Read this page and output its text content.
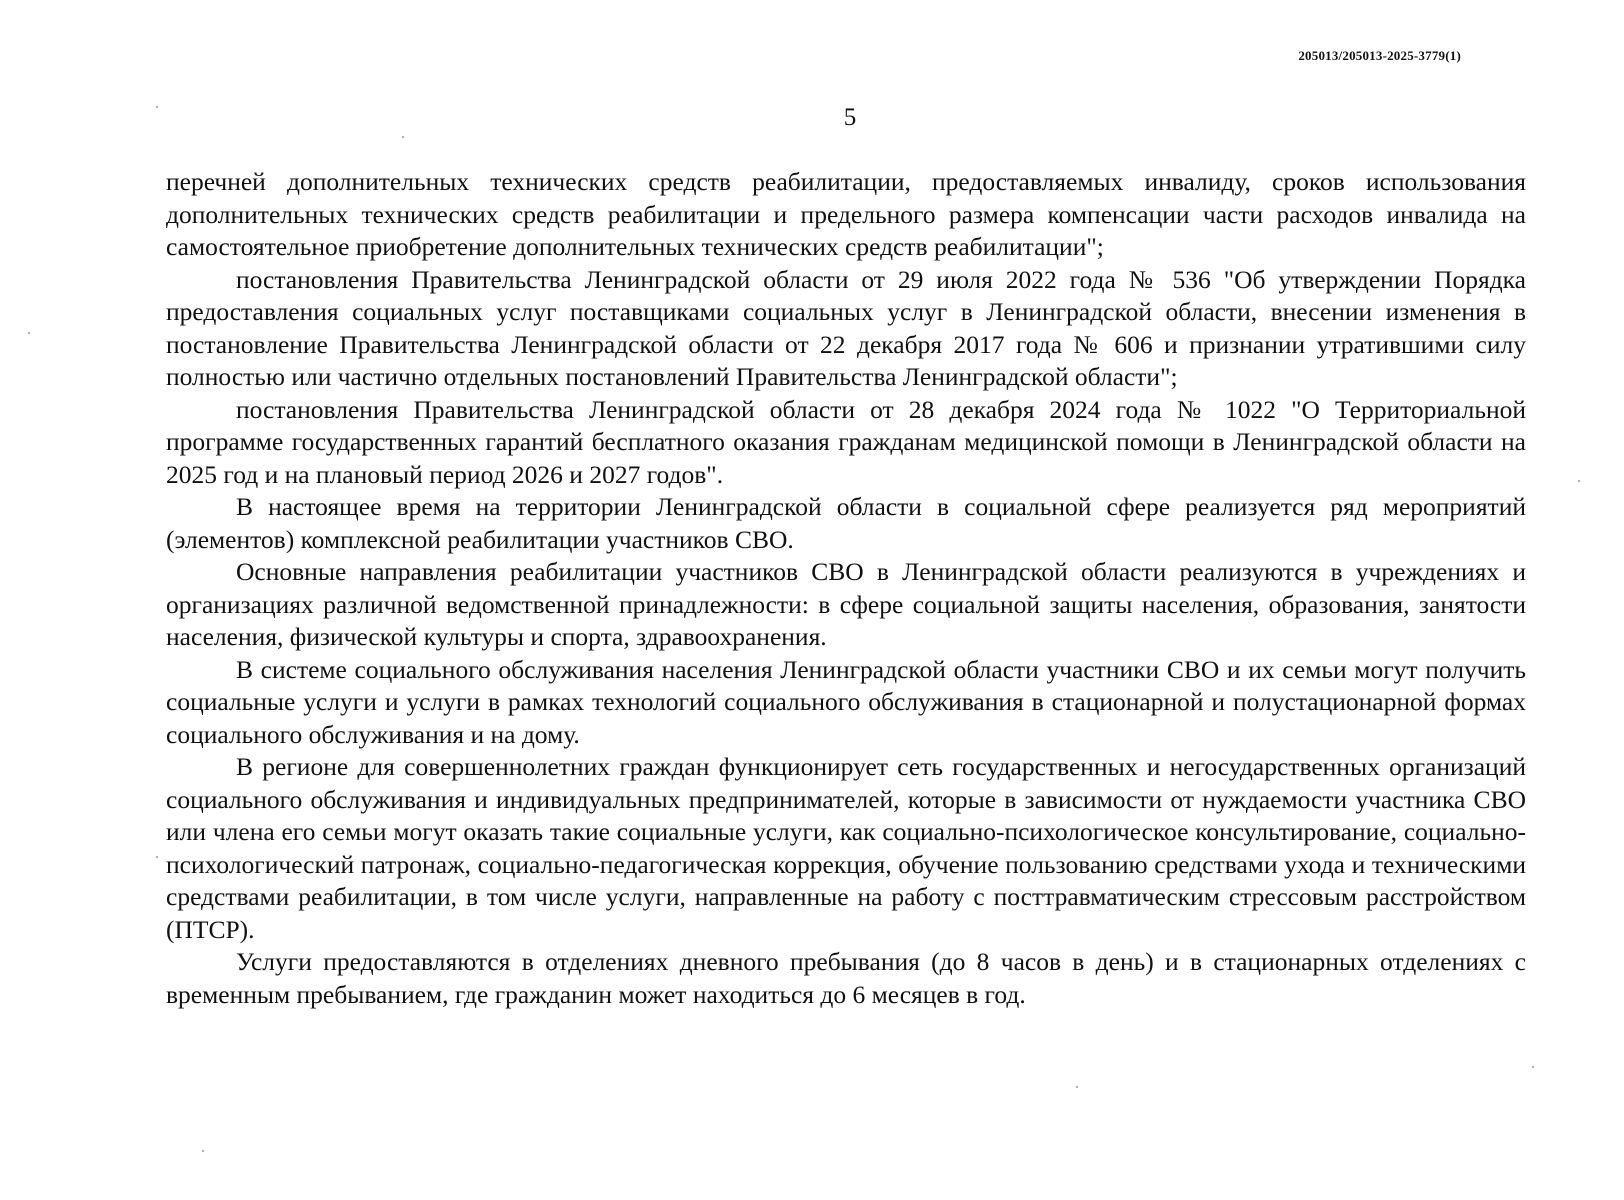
205013/205013-2025-3779(1)
5

перечней дополнительных технических средств реабилитации, предоставляемых инвалиду, сроков использования дополнительных технических средств реабилитации и предельного размера компенсации части расходов инвалида на самостоятельное приобретение дополнительных технических средств реабилитации";

постановления Правительства Ленинградской области от 29 июля 2022 года № 536 "Об утверждении Порядка предоставления социальных услуг поставщиками социальных услуг в Ленинградской области, внесении изменения в постановление Правительства Ленинградской области от 22 декабря 2017 года № 606 и признании утратившими силу полностью или частично отдельных постановлений Правительства Ленинградской области";

постановления Правительства Ленинградской области от 28 декабря 2024 года № 1022 "О Территориальной программе государственных гарантий бесплатного оказания гражданам медицинской помощи в Ленинградской области на 2025 год и на плановый период 2026 и 2027 годов".

В настоящее время на территории Ленинградской области в социальной сфере реализуется ряд мероприятий (элементов) комплексной реабилитации участников СВО.

Основные направления реабилитации участников СВО в Ленинградской области реализуются в учреждениях и организациях различной ведомственной принадлежности: в сфере социальной защиты населения, образования, занятости населения, физической культуры и спорта, здравоохранения.

В системе социального обслуживания населения Ленинградской области участники СВО и их семьи могут получить социальные услуги и услуги в рамках технологий социального обслуживания в стационарной и полустационарной формах социального обслуживания и на дому.

В регионе для совершеннолетних граждан функционирует сеть государственных и негосударственных организаций социального обслуживания и индивидуальных предпринимателей, которые в зависимости от нуждаемости участника СВО или члена его семьи могут оказать такие социальные услуги, как социально-психологическое консультирование, социально-психологический патронаж, социально-педагогическая коррекция, обучение пользованию средствами ухода и техническими средствами реабилитации, в том числе услуги, направленные на работу с посттравматическим стрессовым расстройством (ПТСР).

Услуги предоставляются в отделениях дневного пребывания (до 8 часов в день) и в стационарных отделениях с временным пребыванием, где гражданин может находиться до 6 месяцев в год.
